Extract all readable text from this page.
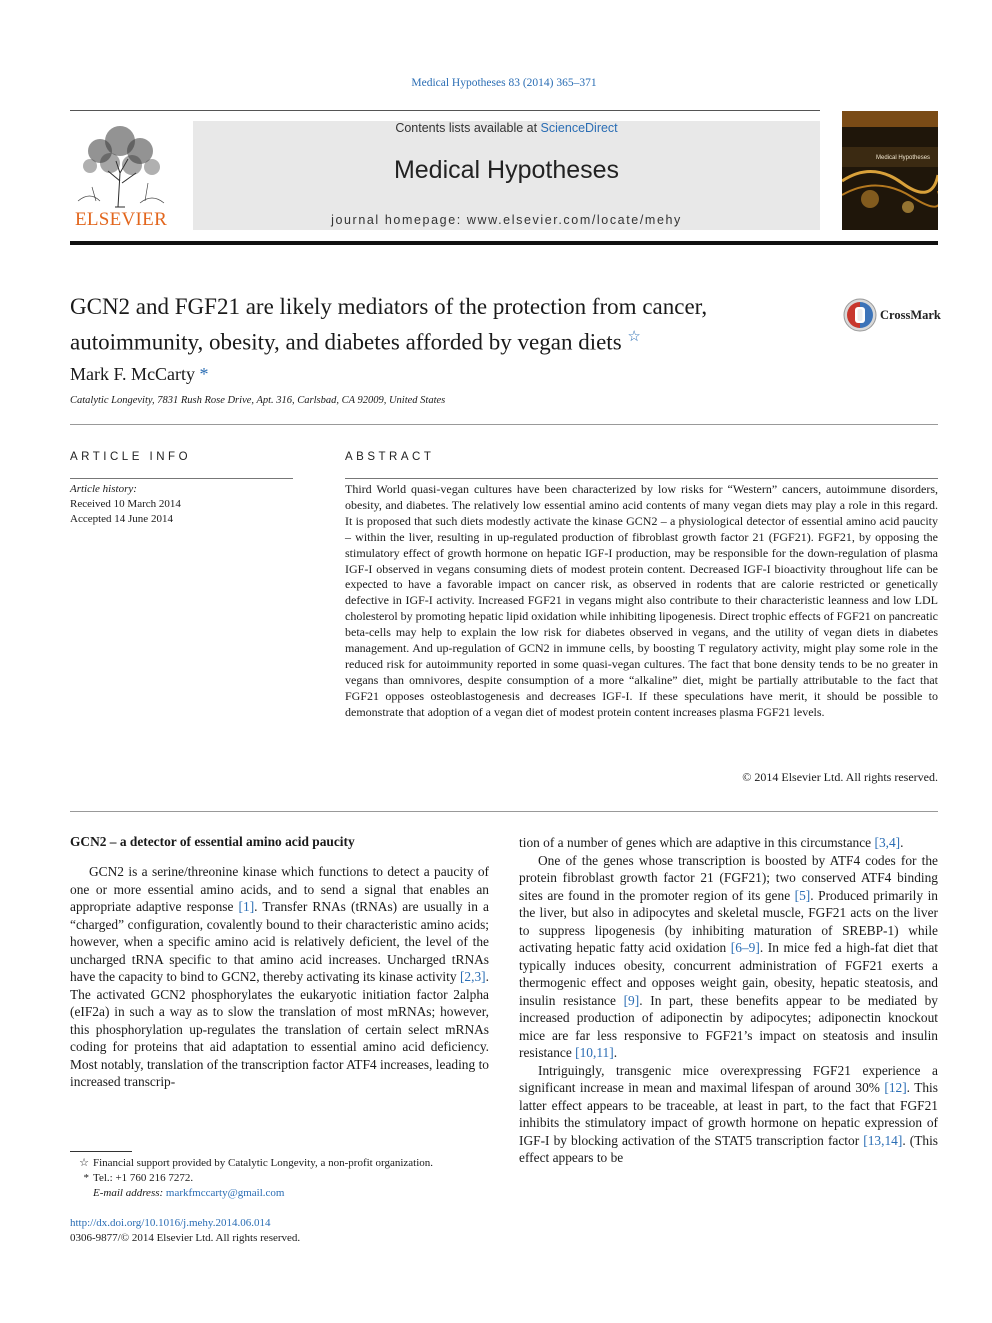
Medical Hypotheses 83 (2014) 365–371
ELSEVIER
Contents lists available at ScienceDirect
Medical Hypotheses
journal homepage: www.elsevier.com/locate/mehy
Medical Hypotheses
GCN2 and FGF21 are likely mediators of the protection from cancer, autoimmunity, obesity, and diabetes afforded by vegan diets ☆
CrossMark
Mark F. McCarty *
Catalytic Longevity, 7831 Rush Rose Drive, Apt. 316, Carlsbad, CA 92009, United States
ARTICLE INFO
Article history:
Received 10 March 2014
Accepted 14 June 2014
ABSTRACT
Third World quasi-vegan cultures have been characterized by low risks for “Western” cancers, autoimmune disorders, obesity, and diabetes. The relatively low essential amino acid contents of many vegan diets may play a role in this regard. It is proposed that such diets modestly activate the kinase GCN2 – a physiological detector of essential amino acid paucity – within the liver, resulting in up-regulated production of fibroblast growth factor 21 (FGF21). FGF21, by opposing the stimulatory effect of growth hormone on hepatic IGF-I production, may be responsible for the down-regulation of plasma IGF-I observed in vegans consuming diets of modest protein content. Decreased IGF-I bioactivity throughout life can be expected to have a favorable impact on cancer risk, as observed in rodents that are calorie restricted or genetically defective in IGF-I activity. Increased FGF21 in vegans might also contribute to their characteristic leanness and low LDL cholesterol by promoting hepatic lipid oxidation while inhibiting lipogenesis. Direct trophic effects of FGF21 on pancreatic beta-cells may help to explain the low risk for diabetes observed in vegans, and the utility of vegan diets in diabetes management. And up-regulation of GCN2 in immune cells, by boosting T regulatory activity, might play some role in the reduced risk for autoimmunity reported in some quasi-vegan cultures. The fact that bone density tends to be no greater in vegans than omnivores, despite consumption of a more “alkaline” diet, might be partially attributable to the fact that FGF21 opposes osteoblastogenesis and decreases IGF-I. If these speculations have merit, it should be possible to demonstrate that adoption of a vegan diet of modest protein content increases plasma FGF21 levels.
© 2014 Elsevier Ltd. All rights reserved.
GCN2 – a detector of essential amino acid paucity

GCN2 is a serine/threonine kinase which functions to detect a paucity of one or more essential amino acids, and to send a signal that enables an appropriate adaptive response [1]. Transfer RNAs (tRNAs) are usually in a “charged” configuration, covalently bound to their characteristic amino acids; however, when a specific amino acid is relatively deficient, the level of the uncharged tRNA specific to that amino acid increases. Uncharged tRNAs have the capacity to bind to GCN2, thereby activating its kinase activity [2,3]. The activated GCN2 phosphorylates the eukaryotic initiation factor 2alpha (eIF2a) in such a way as to slow the translation of most mRNAs; however, this phosphorylation up-regulates the translation of certain select mRNAs coding for proteins that aid adaptation to essential amino acid deficiency. Most notably, translation of the transcription factor ATF4 increases, leading to increased transcrip-

tion of a number of genes which are adaptive in this circumstance [3,4].

One of the genes whose transcription is boosted by ATF4 codes for the protein fibroblast growth factor 21 (FGF21); two conserved ATF4 binding sites are found in the promoter region of its gene [5]. Produced primarily in the liver, but also in adipocytes and skeletal muscle, FGF21 acts on the liver to suppress lipogenesis (by inhibiting maturation of SREBP-1) while activating hepatic fatty acid oxidation [6–9]. In mice fed a high-fat diet that typically induces obesity, concurrent administration of FGF21 exerts a thermogenic effect and opposes weight gain, obesity, hepatic steatosis, and insulin resistance [9]. In part, these benefits appear to be mediated by increased production of adiponectin by adipocytes; adiponectin knockout mice are far less responsive to FGF21’s impact on steatosis and insulin resistance [10,11].

Intriguingly, transgenic mice overexpressing FGF21 experience a significant increase in mean and maximal lifespan of around 30% [12]. This latter effect appears to be traceable, at least in part, to the fact that FGF21 inhibits the stimulatory impact of growth hormone on hepatic expression of IGF-I by blocking activation of the STAT5 transcription factor [13,14]. (This effect appears to be

☆ Financial support provided by Catalytic Longevity, a non-profit organization.
* Tel.: +1 760 216 7272.
E-mail address: markfmccarty@gmail.com
http://dx.doi.org/10.1016/j.mehy.2014.06.014
0306-9877/© 2014 Elsevier Ltd. All rights reserved.
